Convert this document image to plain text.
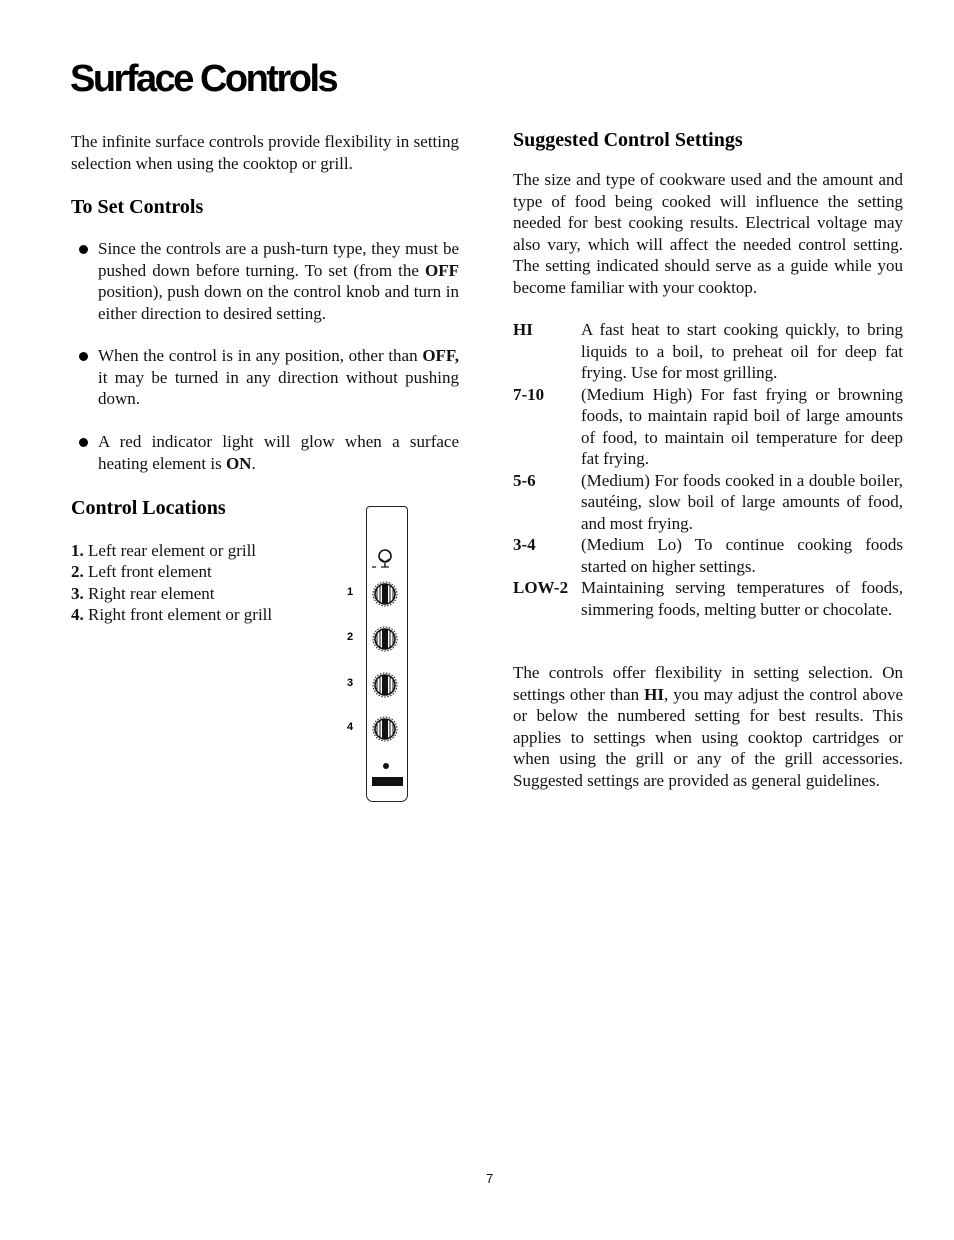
Surface Controls

The infinite surface controls provide flexibility in setting selection when using the cooktop or grill.

To Set Controls

Since the controls are a push-turn type, they must be pushed down before turning. To set (from the OFF position), push down on the control knob and turn in either direction to desired setting.

When the control is in any position, other than OFF, it may be turned in any direction without pushing down.

A red indicator light will glow when a surface heating element is ON.

Control Locations
1. Left rear element or grill
2. Left front element
3. Right rear element
4. Right front element or grill
1
2
3
4
Suggested Control Settings

The size and type of cookware used and the amount and type of food being cooked will influence the setting needed for best cooking results. Electrical voltage may also vary, which will affect the needed control setting. The setting indicated should serve as a guide while you become familiar with your cooktop.

HI	A fast heat to start cooking quickly, to bring liquids to a boil, to preheat oil for deep fat frying. Use for most grilling.
7-10	(Medium High) For fast frying or browning foods, to maintain rapid boil of large amounts of food, to maintain oil temperature for deep fat frying.
5-6	(Medium) For foods cooked in a double boiler, sautéing, slow boil of large amounts of food, and most frying.
3-4	(Medium Lo) To continue cooking foods started on higher settings.
LOW-2 Maintaining serving temperatures of foods, simmering foods, melting butter or chocolate.

The controls offer flexibility in setting selection. On settings other than HI, you may adjust the control above or below the numbered setting for best results. This applies to settings when using cooktop cartridges or when using the grill or any of the grill accessories. Suggested settings are provided as general guidelines.

7
